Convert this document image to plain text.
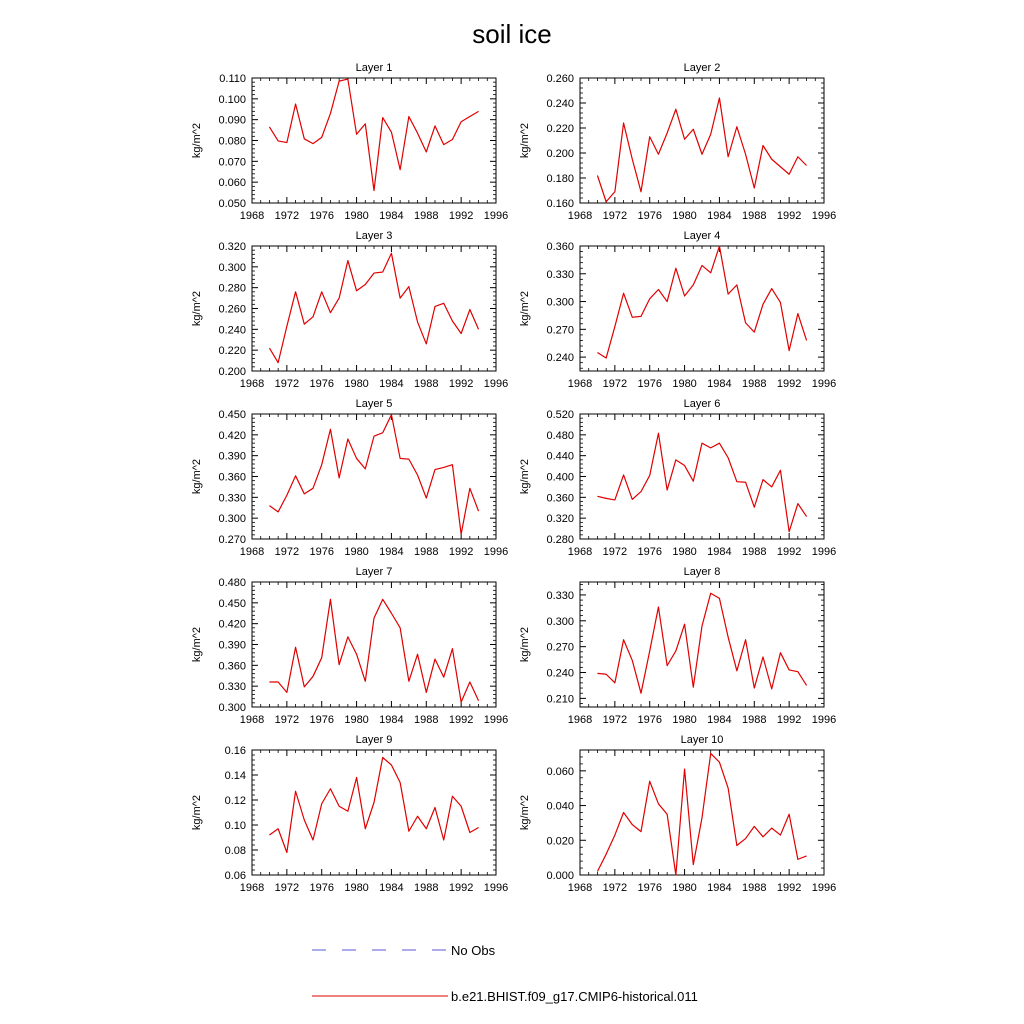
soil ice
Layer 1
kg/m^2
1968 1972 1976 1980 1984 1988 1992 1996
0.050
0.060
0.070
0.080
0.090
0.100
0.110
Layer 2
kg/m^2
1968 1972 1976 1980 1984 1988 1992 1996
0.160
0.180
0.200
0.220
0.240
0.260
Layer 3
kg/m^2
1968 1972 1976 1980 1984 1988 1992 1996
0.200
0.220
0.240
0.260
0.280
0.300
0.320
Layer 4
kg/m^2
1968 1972 1976 1980 1984 1988 1992 1996
0.240
0.270
0.300
0.330
0.360
Layer 5
kg/m^2
1968 1972 1976 1980 1984 1988 1992 1996
0.270
0.300
0.330
0.360
0.390
0.420
0.450
Layer 6
kg/m^2
1968 1972 1976 1980 1984 1988 1992 1996
0.280
0.320
0.360
0.400
0.440
0.480
0.520
Layer 7
kg/m^2
1968 1972 1976 1980 1984 1988 1992 1996
0.300
0.330
0.360
0.390
0.420
0.450
0.480
Layer 8
kg/m^2
1968 1972 1976 1980 1984 1988 1992 1996
0.210
0.240
0.270
0.300
0.330
Layer 9
kg/m^2
1968 1972 1976 1980 1984 1988 1992 1996
0.06
0.08
0.10
0.12
0.14
0.16
Layer 10
kg/m^2
1968 1972 1976 1980 1984 1988 1992 1996
0.000
0.020
0.040
0.060
No Obs
b.e21.BHIST.f09_g17.CMIP6-historical.011
